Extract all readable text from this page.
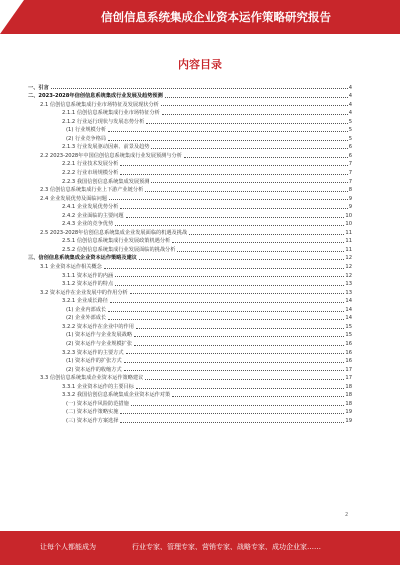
信创信息系统集成企业资本运作策略研究报告
内容目录
一、引言	4
二、2023-2028年信创信息系统集成行业发展及趋势预测	4
2.1 信创信息系统集成行业市场特征及发展现状分析	4
2.1.1 信创信息系统集成行业市场特征分析	4
2.1.2 行业运行现状与发展态势分析	5
(1) 行业规模分析	5
(2) 行业竞争格局	5
2.1.3 行业发展驱动因素、前景及趋势	6
2.2 2023-2028年中国信创信息系统集成行业发展预测与分析	6
2.2.1 行业技术发展分析	7
2.2.2 行业市场规模分析	7
2.2.3 我国信创信息系统集成发展预测	7
2.3 信创信息系统集成行业上下游产业链分析	8
2.4 企业发展优势及面临问题	9
2.4.1 企业发展优势分析	9
2.4.2 企业面临的主要问题	10
2.4.3 企业的竞争优势	10
2.5 2023-2028年信创信息系统集成企业发展面临的机遇及挑战	11
2.5.1 信创信息系统集成行业发展政策机遇分析	11
2.5.2 信创信息系统集成行业发展面临的挑战分析	11
三、信创信息系统集成企业资本运作策略及建议	12
3.1 企业资本运作相关概念	12
3.1.1 资本运作的内涵	12
3.1.2 资本运作的特点	13
3.2 资本运作在企业发展中的作用分析	13
3.2.1 企业成长路径	14
(1) 企业内部成长	14
(2) 企业外部成长	14
3.2.2 资本运作在企业中的作用	15
(1) 资本运作与企业发展战略	15
(2) 资本运作与企业规模扩张	16
3.2.3 资本运作的主要方式	16
(1) 资本运作的扩张方式	16
(2) 资本运作的收缩方式	17
3.3 信创信息系统集成企业资本运作策略建议	17
3.3.1 企业资本运作的主要目标	18
3.3.2 我国信创信息系统集成企业资本运作对策	18
(一) 资本运作风险防范措施	18
(二) 资本运作策略实施	19
(三) 资本运作方案选择	19
2
让每个人都能成为	行业专家、管理专家、营销专家、战略专家、成功企业家……
